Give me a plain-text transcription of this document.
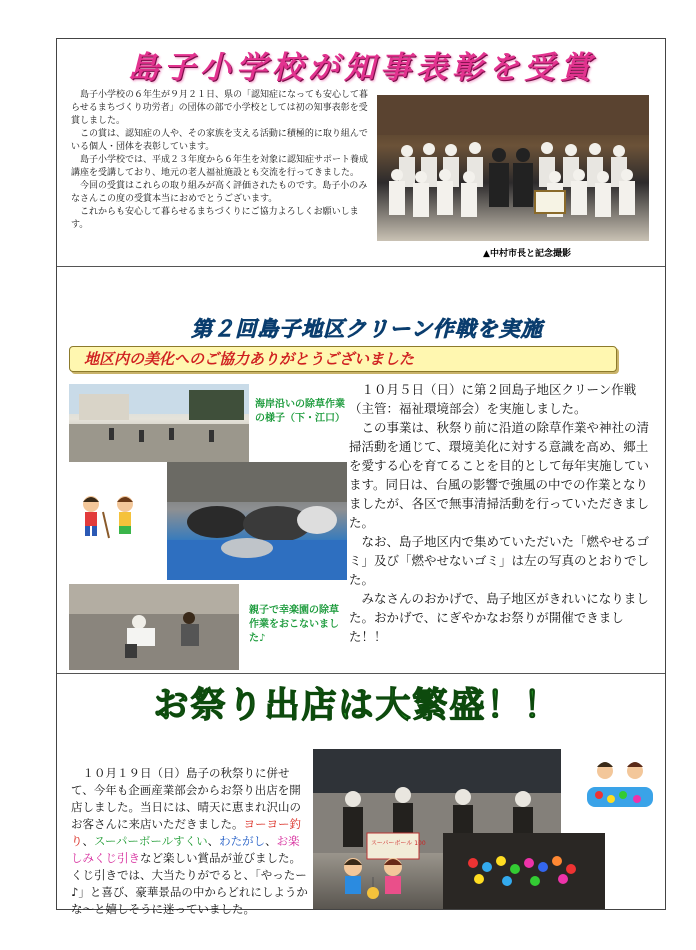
島子小学校が知事表彰を受賞

島子小学校の６年生が９月２１日、県の「認知症になっても安心して暮らせるまちづくり功労者」の団体の部で小学校としては初の知事表彰を受賞しました。

この賞は、認知症の人や、その家族を支える活動に積極的に取り組んでいる個人・団体を表彰しています。

島子小学校では、平成２３年度から６年生を対象に認知症サポート養成講座を受講しており、地元の老人福祉施設とも交流を行ってきました。

今回の受賞はこれらの取り組みが高く評価されたものです。島子小のみなさんこの度の受賞本当におめでとうございます。

これからも安心して暮らせるまちづくりにご協力よろしくお願いします。

▲中村市長と記念撮影
第２回島子地区クリーン作戦を実施
地区内の美化へのご協力ありがとうございました
海岸沿いの除草作業の様子（下・江口）
親子で幸楽園の除草作業をおこないました♪

１０月５日（日）に第２回島子地区クリーン作戦（主管：福祉環境部会）を実施しました。

この事業は、秋祭り前に沿道の除草作業や神社の清掃活動を通じて、環境美化に対する意識を高め、郷土を愛する心を育てることを目的として毎年実施しています。同日は、台風の影響で強風の中での作業となりましたが、各区で無事清掃活動を行っていただきました。

なお、島子地区内で集めていただいた「燃やせるゴミ」及び「燃やせないゴミ」は左の写真のとおりでした。

みなさんのおかげで、島子地区がきれいになりました。おかげで、にぎやかなお祭りが開催できました！！

お祭り出店は大繁盛！！

１０月１９日（日）島子の秋祭りに併せて、今年も企画産業部会からお祭り出店を開店しました。当日には、晴天に恵まれ沢山のお客さんに来店いただきました。ヨーヨー釣り、スーパーボールすくい、わたがし、お楽しみくじ引きなど楽しい賞品が並びました。くじ引きでは、大当たりがでると、「やったー♪」と喜び、豪華景品の中からどれにしようかな～と嬉しそうに迷っていました。

スーパーボール 100
